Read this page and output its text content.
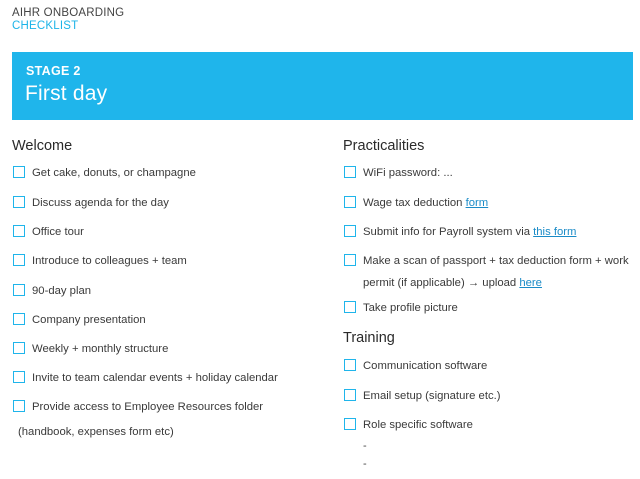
AIHR ONBOARDING
CHECKLIST
STAGE 2
First day
Welcome
Get cake, donuts, or champagne
Discuss agenda for the day
Office tour
Introduce to colleagues + team
90-day plan
Company presentation
Weekly + monthly structure
Invite to team calendar events + holiday calendar
Provide access to Employee Resources folder
(handbook, expenses form etc)
Practicalities
WiFi password: ...
Wage tax deduction form
Submit info for Payroll system via this form
Make a scan of passport + tax deduction form + work
permit (if applicable) → upload here
Take profile picture
Training
Communication software
Email setup (signature etc.)
Role specific software
-
-
